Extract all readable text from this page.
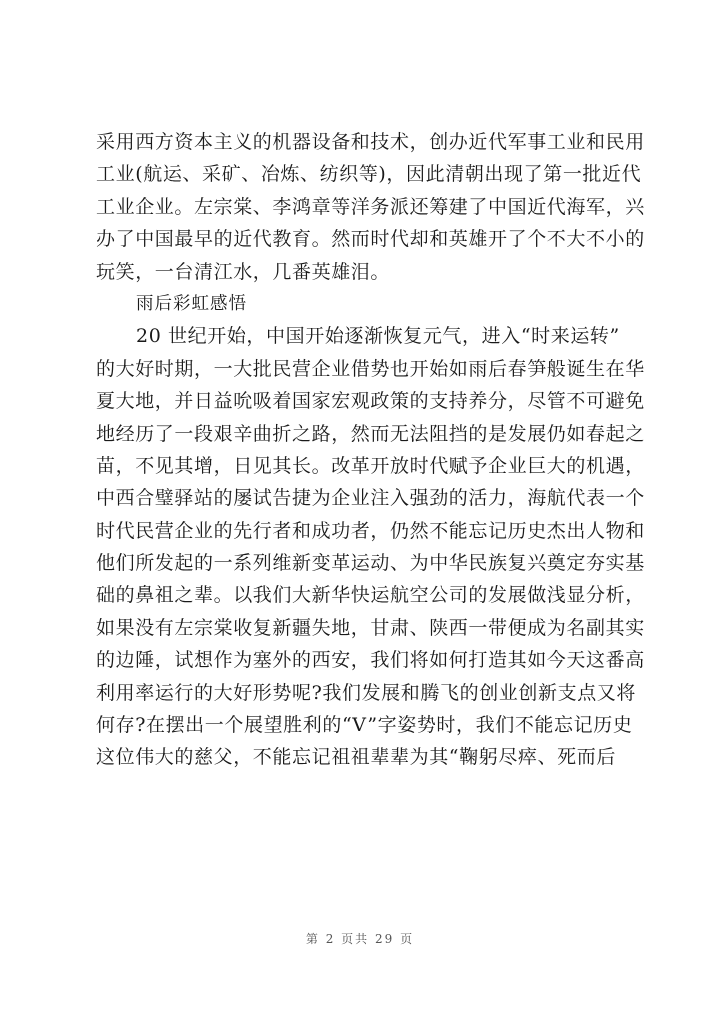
采用西方资本主义的机器设备和技术，创办近代军事工业和民用
工业(航运、采矿、冶炼、纺织等)，因此清朝出现了第一批近代
工业企业。左宗棠、李鸿章等洋务派还筹建了中国近代海军，兴
办了中国最早的近代教育。然而时代却和英雄开了个不大不小的
玩笑，一台清江水，几番英雄泪。
雨后彩虹感悟
20 世纪开始，中国开始逐渐恢复元气，进入“时来运转”
的大好时期，一大批民营企业借势也开始如雨后春笋般诞生在华
夏大地，并日益吮吸着国家宏观政策的支持养分，尽管不可避免
地经历了一段艰辛曲折之路，然而无法阻挡的是发展仍如春起之
苗，不见其增，日见其长。改革开放时代赋予企业巨大的机遇，
中西合璧驿站的屡试告捷为企业注入强劲的活力，海航代表一个
时代民营企业的先行者和成功者，仍然不能忘记历史杰出人物和
他们所发起的一系列维新变革运动、为中华民族复兴奠定夯实基
础的鼻祖之辈。以我们大新华快运航空公司的发展做浅显分析，
如果没有左宗棠收复新疆失地，甘肃、陕西一带便成为名副其实
的边陲，试想作为塞外的西安，我们将如何打造其如今天这番高
利用率运行的大好形势呢?我们发展和腾飞的创业创新支点又将
何存?在摆出一个展望胜利的“V”字姿势时，我们不能忘记历史
这位伟大的慈父，不能忘记祖祖辈辈为其“鞠躬尽瘁、死而后
第 2 页共 29 页
